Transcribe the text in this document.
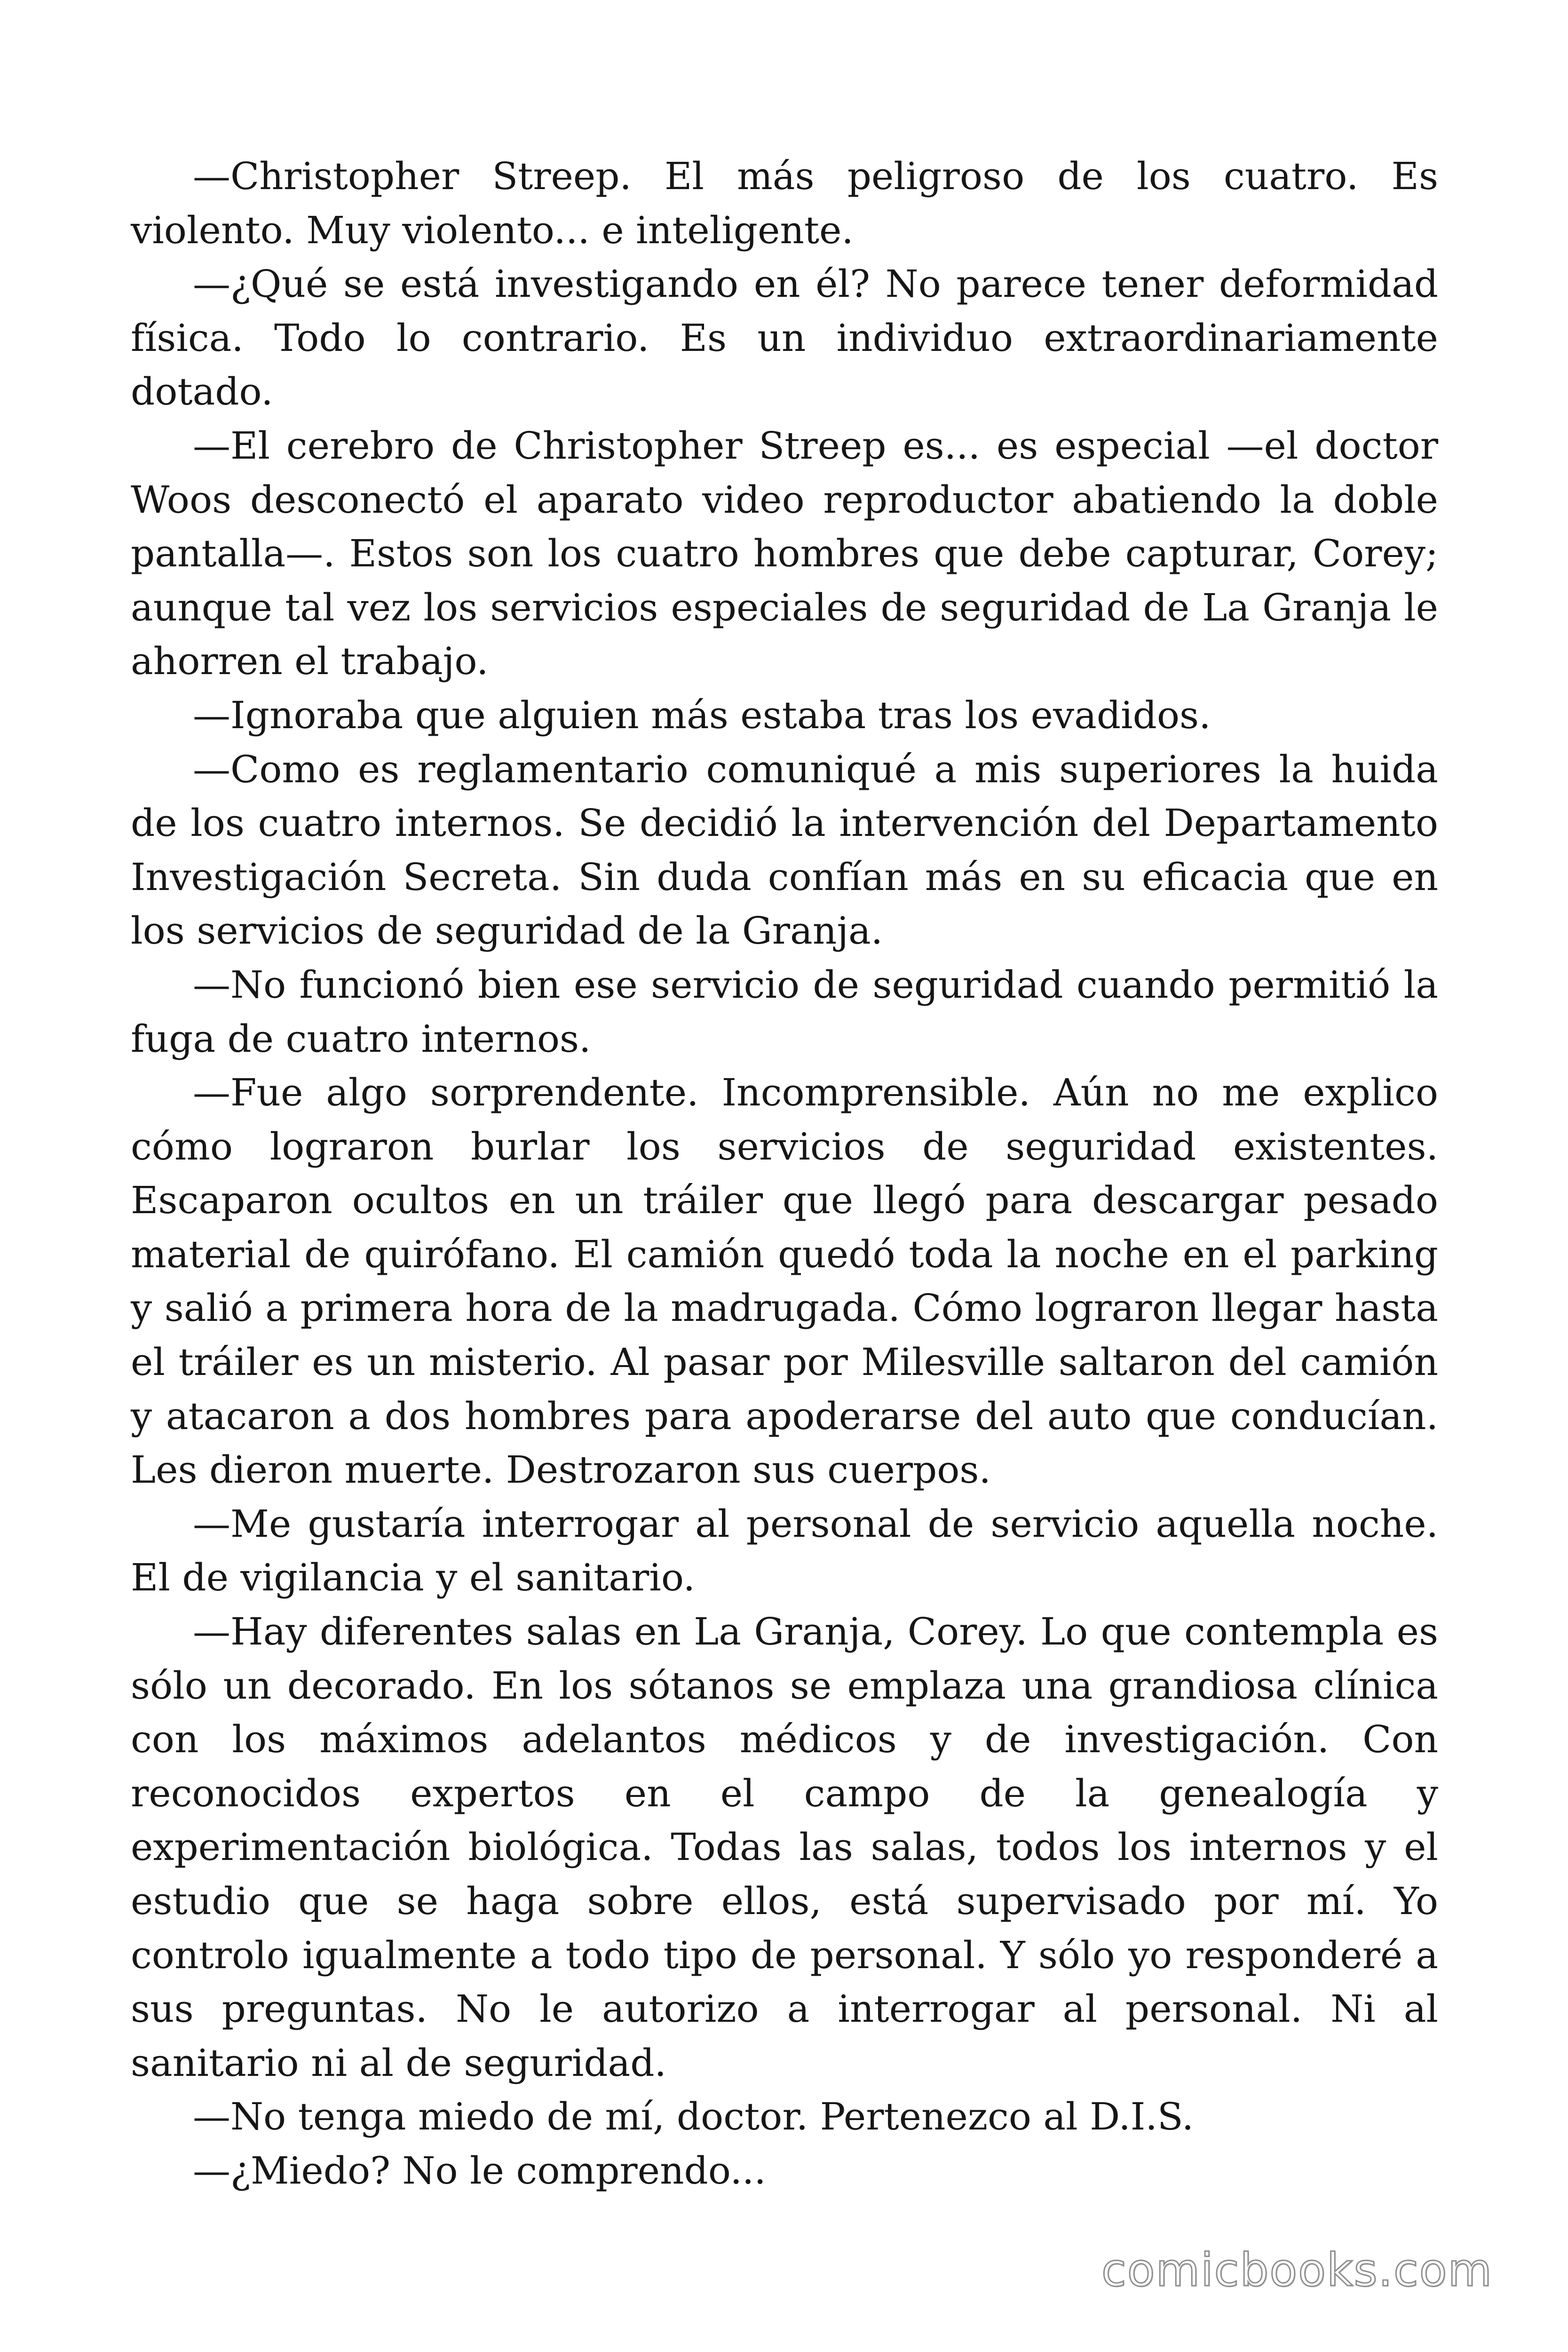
—Christopher Streep. El más peligroso de los cuatro. Es violento. Muy violento... e inteligente.

—¿Qué se está investigando en él? No parece tener deformidad física. Todo lo contrario. Es un individuo extraordinariamente dotado.

—El cerebro de Christopher Streep es... es especial —el doctor Woos desconectó el aparato video reproductor abatiendo la doble pantalla—. Estos son los cuatro hombres que debe capturar, Corey; aunque tal vez los servicios especiales de seguridad de La Granja le ahorren el trabajo.

—Ignoraba que alguien más estaba tras los evadidos.

—Como es reglamentario comuniqué a mis superiores la huida de los cuatro internos. Se decidió la intervención del Departamento Investigación Secreta. Sin duda confían más en su eficacia que en los servicios de seguridad de la Granja.

—No funcionó bien ese servicio de seguridad cuando permitió la fuga de cuatro internos.

—Fue algo sorprendente. Incomprensible. Aún no me explico cómo lograron burlar los servicios de seguridad existentes. Escaparon ocultos en un tráiler que llegó para descargar pesado material de quirófano. El camión quedó toda la noche en el parking y salió a primera hora de la madrugada. Cómo lograron llegar hasta el tráiler es un misterio. Al pasar por Milesville saltaron del camión y atacaron a dos hombres para apoderarse del auto que conducían. Les dieron muerte. Destrozaron sus cuerpos.

—Me gustaría interrogar al personal de servicio aquella noche. El de vigilancia y el sanitario.

—Hay diferentes salas en La Granja, Corey. Lo que contempla es sólo un decorado. En los sótanos se emplaza una grandiosa clínica con los máximos adelantos médicos y de investigación. Con reconocidos expertos en el campo de la genealogía y experimentación biológica. Todas las salas, todos los internos y el estudio que se haga sobre ellos, está supervisado por mí. Yo controlo igualmente a todo tipo de personal. Y sólo yo responderé a sus preguntas. No le autorizo a interrogar al personal. Ni al sanitario ni al de seguridad.

—No tenga miedo de mí, doctor. Pertenezco al D.I.S.

—¿Miedo? No le comprendo...

comicbooks.com
